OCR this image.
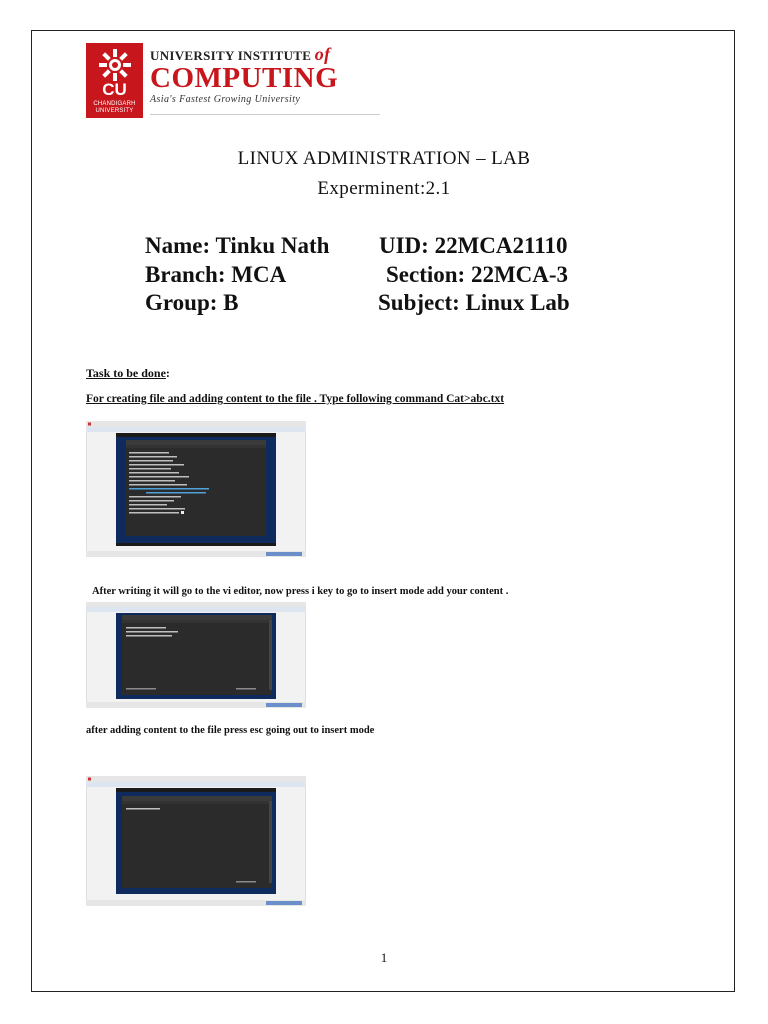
CU
CHANDIGARH UNIVERSITY
UNIVERSITY INSTITUTE of
COMPUTING
Asia's Fastest Growing University
LINUX ADMINISTRATION – LAB
Experminent:2.1
Name: Tinku Nath UID: 22MCA21110
Branch: MCA	Section: 22MCA-3
Group: B	Subject: Linux Lab
Task to be done:
For creating file and adding content to the file . Type following command Cat>abc.txt
After writing it will go to the vi editor, now press i key to go to insert mode add your content .
after adding content to the file press esc going out to insert mode
1
